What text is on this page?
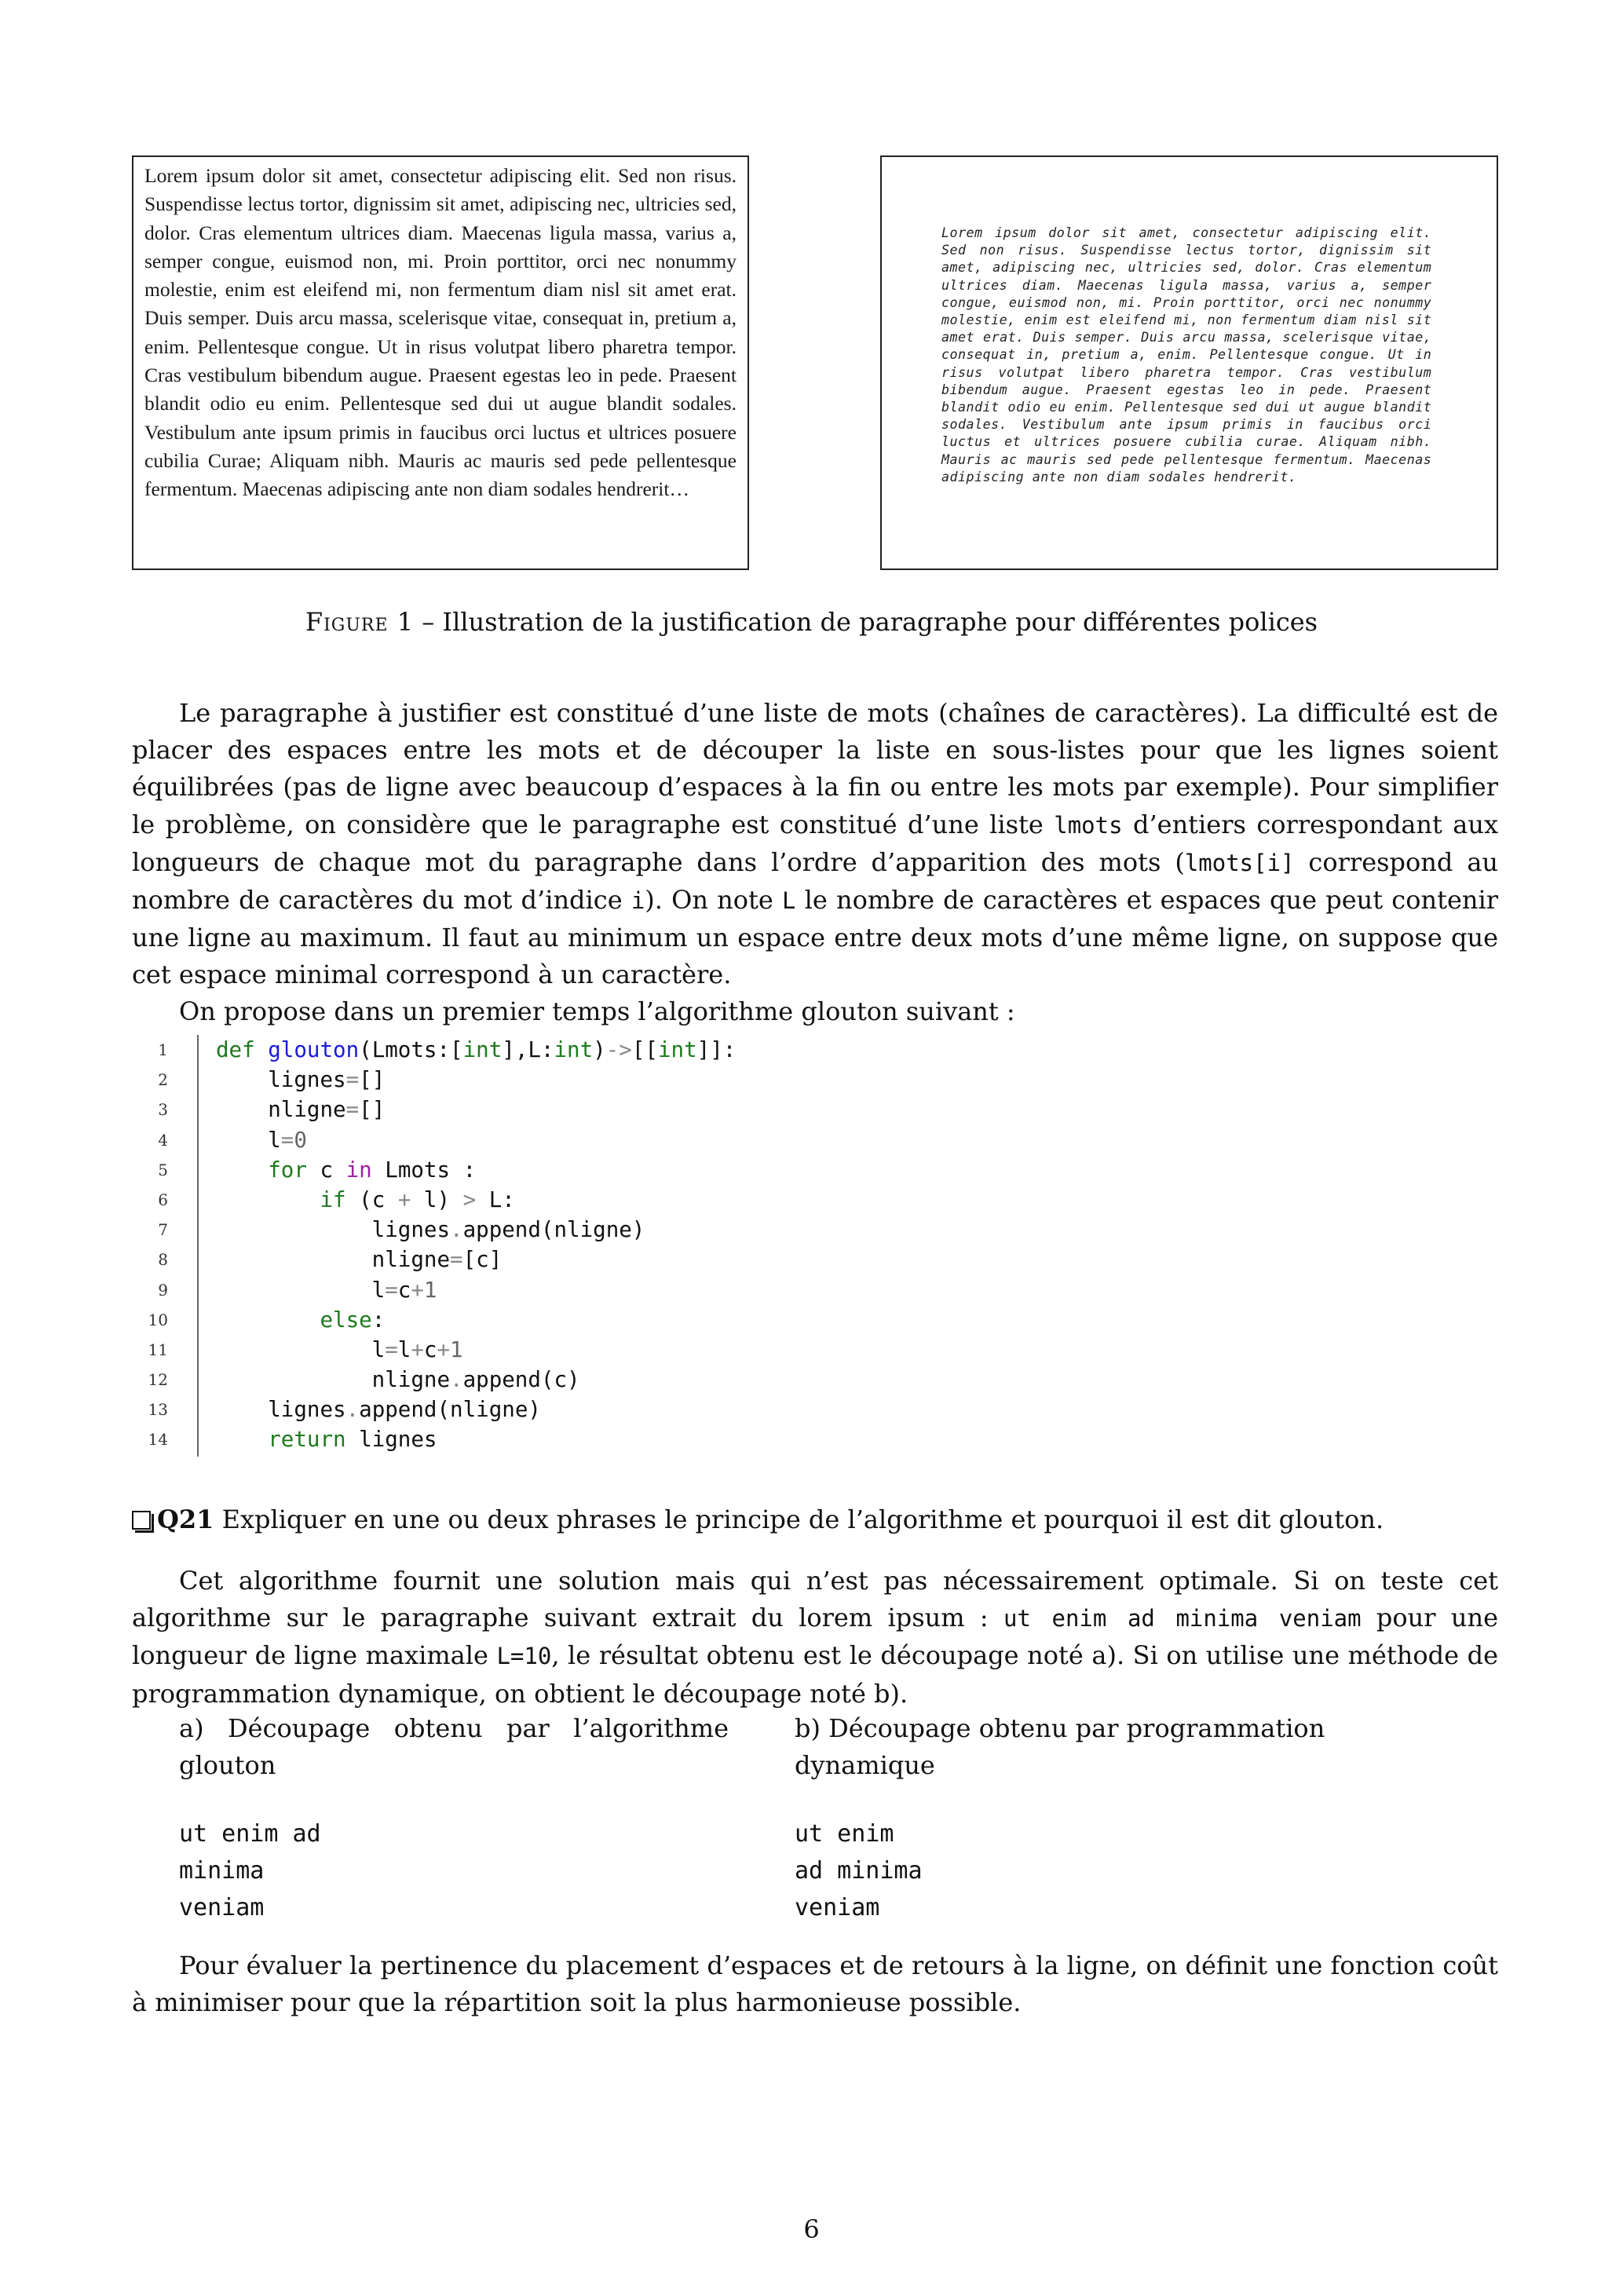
Lorem ipsum dolor sit amet, consectetur adipiscing elit. Sed non risus. Suspendisse lectus tortor, dignissim sit amet, adipiscing nec, ultricies sed, dolor. Cras elementum ultrices diam. Maecenas ligula massa, varius a, semper congue, euismod non, mi. Proin porttitor, orci nec nonummy molestie, enim est eleifend mi, non fermentum diam nisl sit amet erat. Duis semper. Duis arcu massa, scelerisque vitae, consequat in, pretium a, enim. Pellentesque congue. Ut in risus volutpat libero pharetra tempor. Cras vestibulum bibendum augue. Praesent egestas leo in pede. Praesent blandit odio eu enim. Pellentesque sed dui ut augue blandit sodales. Vestibulum ante ipsum primis in faucibus orci luctus et ultrices posuere cubilia Curae; Aliquam nibh. Mauris ac mauris sed pede pellentesque fermentum. Maecenas adipiscing ante non diam sodales hendrerit…

Lorem ipsum dolor sit amet, consectetur adipiscing elit. Sed non risus. Suspendisse lectus tortor, dignissim sit amet, adipiscing nec, ultricies sed, dolor. Cras elementum ultrices diam. Maecenas ligula massa, varius a, semper congue, euismod non, mi. Proin porttitor, orci nec nonummy molestie, enim est eleifend mi, non fermentum diam nisl sit amet erat. Duis semper. Duis arcu massa, scelerisque vitae, consequat in, pretium a, enim. Pellentesque congue. Ut in risus volutpat libero pharetra tempor. Cras vestibulum bibendum augue. Praesent egestas leo in pede. Praesent blandit odio eu enim. Pellentesque sed dui ut augue blandit sodales. Vestibulum ante ipsum primis in faucibus orci luctus et ultrices posuere cubilia curae. Aliquam nibh. Mauris ac mauris sed pede pellentesque fermentum. Maecenas adipiscing ante non diam sodales hendrerit.

Figure 1 – Illustration de la justification de paragraphe pour différentes polices

Le paragraphe à justifier est constitué d’une liste de mots (chaînes de caractères). La difficulté est de placer des espaces entre les mots et de découper la liste en sous-listes pour que les lignes soient équilibrées (pas de ligne avec beaucoup d’espaces à la fin ou entre les mots par exemple). Pour simplifier le problème, on considère que le paragraphe est constitué d’une liste lmots d’entiers correspondant aux longueurs de chaque mot du paragraphe dans l’ordre d’apparition des mots (lmots[i] correspond au nombre de caractères du mot d’indice i). On note L le nombre de caractères et espaces que peut contenir une ligne au maximum. Il faut au minimum un espace entre deux mots d’une même ligne, on suppose que cet espace minimal correspond à un caractère.

On propose dans un premier temps l’algorithme glouton suivant :

1 def glouton(Lmots:[int],L:int)->[[int]]:
2 lignes=[]
3 nligne=[]
4 l=0
5	for c in Lmots :
6	if (c + l) > L:
7 lignes.append(nligne)
8 nligne=[c]
9 l=c+1
10	else:
11 l=l+c+1
12 nligne.append(c)
13 lignes.append(nligne)
14	return lignes
Q21 Expliquer en une ou deux phrases le principe de l’algorithme et pourquoi il est dit glouton.

Cet algorithme fournit une solution mais qui n’est pas nécessairement optimale. Si on teste cet algorithme sur le paragraphe suivant extrait du lorem ipsum : ut enim ad minima veniam pour une longueur de ligne maximale L=10, le résultat obtenu est le découpage noté a). Si on utilise une méthode de programmation dynamique, on obtient le découpage noté b).

a) Découpage obtenu par l’algorithme glouton
ut enim ad
minima
veniam
b) Découpage obtenu par programmation dynamique
ut enim
ad minima
veniam

Pour évaluer la pertinence du placement d’espaces et de retours à la ligne, on définit une fonction coût à minimiser pour que la répartition soit la plus harmonieuse possible.

6
